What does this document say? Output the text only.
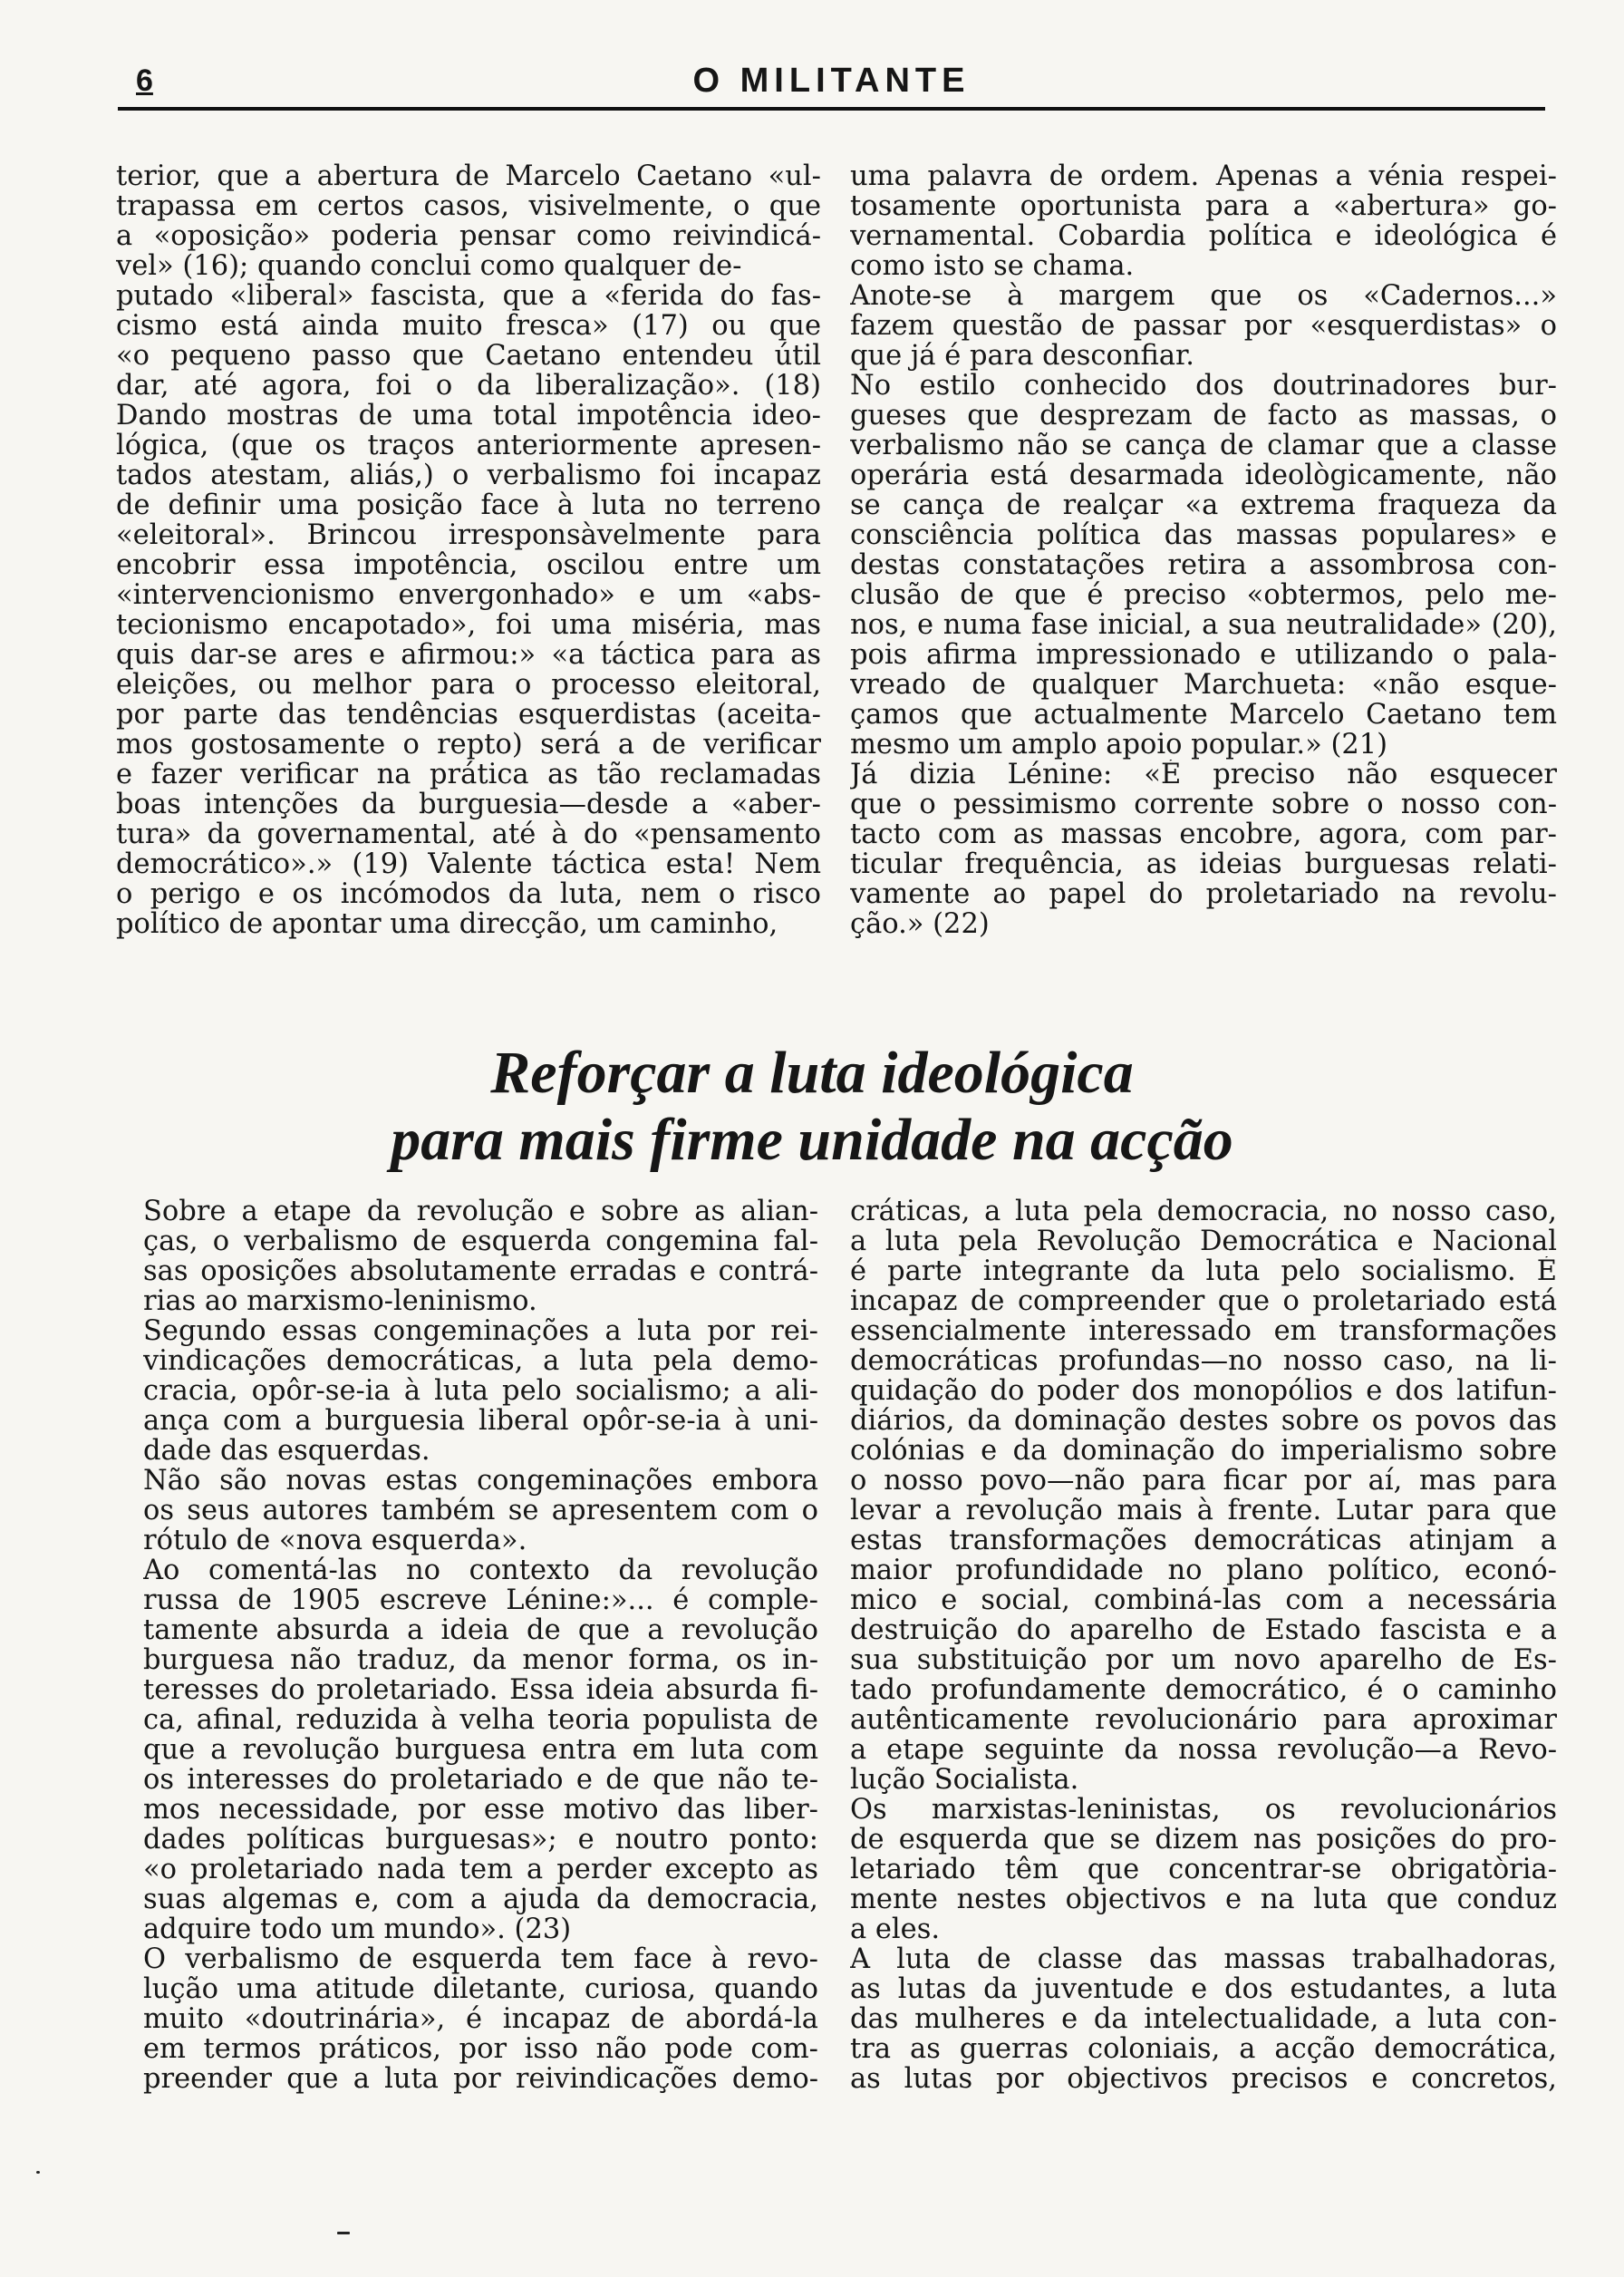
6	O MILITANTE
terior, que a abertura de Marcelo Caetano «ul-
trapassa em certos casos, visivelmente, o que
a «oposição» poderia pensar como reivindicá-
vel» (16); quando conclui como qualquer de-
putado «liberal» fascista, que a «ferida do fas-
cismo está ainda muito fresca» (17) ou que
«o pequeno passo que Caetano entendeu útil
dar, até agora, foi o da liberalização». (18)
Dando mostras de uma total impotência ideo-
lógica, (que os traços anteriormente apresen-
tados atestam, aliás,) o verbalismo foi incapaz
de definir uma posição face à luta no terreno
«eleitoral». Brincou irresponsàvelmente para
encobrir essa impotência, oscilou entre um
«intervencionismo envergonhado» e um «abs-
tecionismo encapotado», foi uma miséria, mas
quis dar-se ares e afirmou:» «a táctica para as
eleições, ou melhor para o processo eleitoral,
por parte das tendências esquerdistas (aceita-
mos gostosamente o repto) será a de verificar
e fazer verificar na prática as tão reclamadas
boas intenções da burguesia—desde a «aber-
tura» da governamental, até à do «pensamento
democrático».» (19) Valente táctica esta! Nem
o perigo e os incómodos da luta, nem o risco
político de apontar uma direcção, um caminho,
uma palavra de ordem. Apenas a vénia respei-
tosamente oportunista para a «abertura» go-
vernamental. Cobardia política e ideológica é
como isto se chama.
Anote-se à margem que os «Cadernos...»
fazem questão de passar por «esquerdistas» o
que já é para desconfiar.
No estilo conhecido dos doutrinadores bur-
gueses que desprezam de facto as massas, o
verbalismo não se cança de clamar que a classe
operária está desarmada ideològicamente, não
se cança de realçar «a extrema fraqueza da
consciência política das massas populares» e
destas constatações retira a assombrosa con-
clusão de que é preciso «obtermos, pelo me-
nos, e numa fase inicial, a sua neutralidade» (20),
pois afirma impressionado e utilizando o pala-
vreado de qualquer Marchueta: «não esque-
çamos que actualmente Marcelo Caetano tem
mesmo um amplo apoio popular.» (21)
Já dizia Lénine: «É preciso não esquecer
que o pessimismo corrente sobre o nosso con-
tacto com as massas encobre, agora, com par-
ticular frequência, as ideias burguesas relati-
vamente ao papel do proletariado na revolu-
ção.» (22)
Reforçar a luta ideológica
para mais firme unidade na acção
Sobre a etape da revolução e sobre as alian-
ças, o verbalismo de esquerda congemina fal-
sas oposições absolutamente erradas e contrá-
rias ao marxismo-leninismo.
Segundo essas congeminações a luta por rei-
vindicações democráticas, a luta pela demo-
cracia, opôr-se-ia à luta pelo socialismo; a ali-
ança com a burguesia liberal opôr-se-ia à uni-
dade das esquerdas.
Não são novas estas congeminações embora
os seus autores também se apresentem com o
rótulo de «nova esquerda».
Ao comentá-las no contexto da revolução
russa de 1905 escreve Lénine:»... é comple-
tamente absurda a ideia de que a revolução
burguesa não traduz, da menor forma, os in-
teresses do proletariado. Essa ideia absurda fi-
ca, afinal, reduzida à velha teoria populista de
que a revolução burguesa entra em luta com
os interesses do proletariado e de que não te-
mos necessidade, por esse motivo das liber-
dades políticas burguesas»; e noutro ponto:
«o proletariado nada tem a perder excepto as
suas algemas e, com a ajuda da democracia,
adquire todo um mundo». (23)
O verbalismo de esquerda tem face à revo-
lução uma atitude diletante, curiosa, quando
muito «doutrinária», é incapaz de abordá-la
em termos práticos, por isso não pode com-
preender que a luta por reivindicações demo-
cráticas, a luta pela democracia, no nosso caso,
a luta pela Revolução Democrática e Nacional
é parte integrante da luta pelo socialismo. É
incapaz de compreender que o proletariado está
essencialmente interessado em transformações
democráticas profundas—no nosso caso, na li-
quidação do poder dos monopólios e dos latifun-
diários, da dominação destes sobre os povos das
colónias e da dominação do imperialismo sobre
o nosso povo—não para ficar por aí, mas para
levar a revolução mais à frente. Lutar para que
estas transformações democráticas atinjam a
maior profundidade no plano político, econó-
mico e social, combiná-las com a necessária
destruição do aparelho de Estado fascista e a
sua substituição por um novo aparelho de Es-
tado profundamente democrático, é o caminho
autênticamente revolucionário para aproximar
a etape seguinte da nossa revolução—a Revo-
lução Socialista.
Os marxistas-leninistas, os revolucionários
de esquerda que se dizem nas posições do pro-
letariado têm que concentrar-se obrigatòria-
mente nestes objectivos e na luta que conduz
a eles.
A luta de classe das massas trabalhadoras,
as lutas da juventude e dos estudantes, a luta
das mulheres e da intelectualidade, a luta con-
tra as guerras coloniais, a acção democrática,
as lutas por objectivos precisos e concretos,
